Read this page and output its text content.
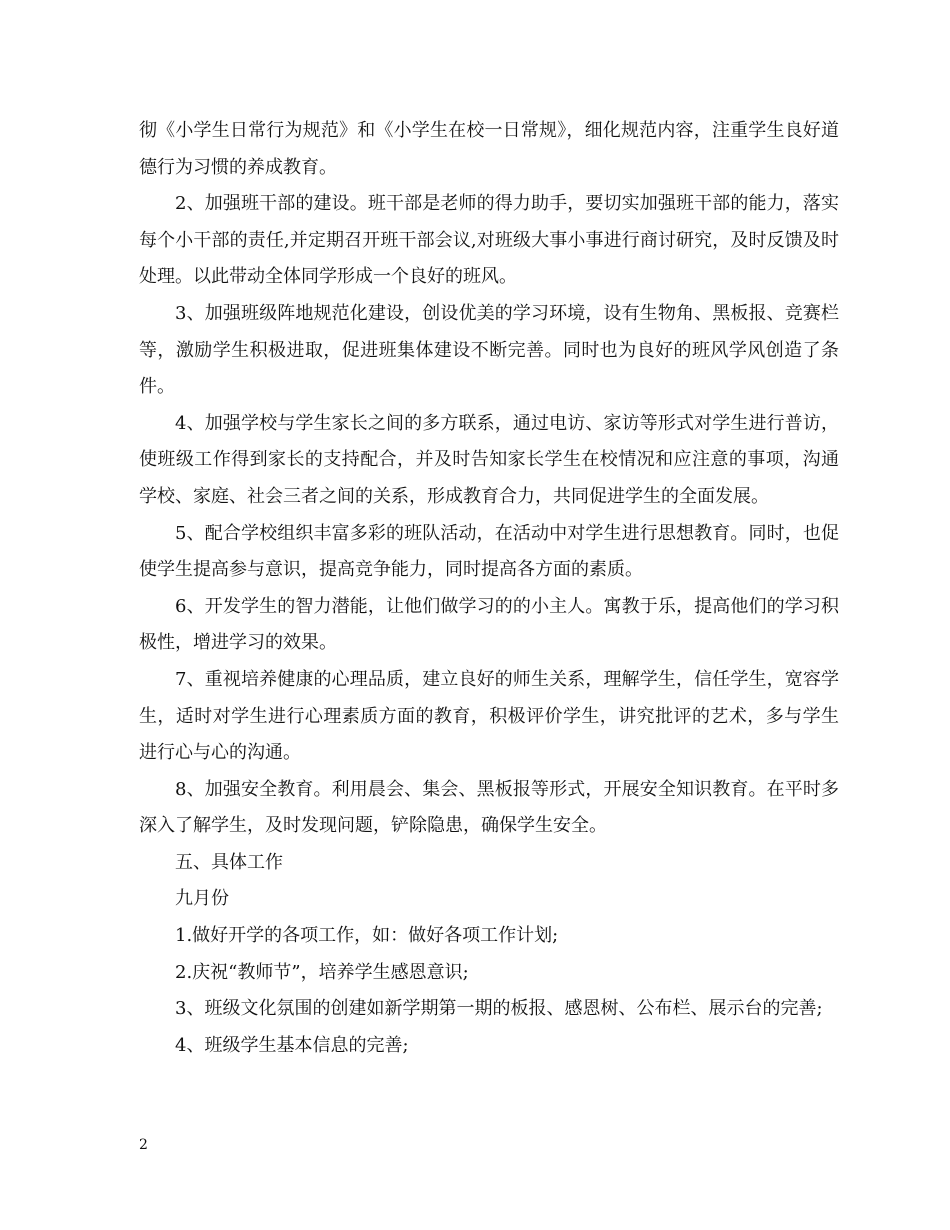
彻《小学生日常行为规范》和《小学生在校一日常规》，细化规范内容，注重学生良好道德行为习惯的养成教育。

2、加强班干部的建设。班干部是老师的得力助手，要切实加强班干部的能力，落实每个小干部的责任,并定期召开班干部会议,对班级大事小事进行商讨研究，及时反馈及时处理。以此带动全体同学形成一个良好的班风。

3、加强班级阵地规范化建设，创设优美的学习环境，设有生物角、黑板报、竞赛栏等，激励学生积极进取，促进班集体建设不断完善。同时也为良好的班风学风创造了条件。

4、加强学校与学生家长之间的多方联系，通过电访、家访等形式对学生进行普访，使班级工作得到家长的支持配合，并及时告知家长学生在校情况和应注意的事项，沟通学校、家庭、社会三者之间的关系，形成教育合力，共同促进学生的全面发展。

5、配合学校组织丰富多彩的班队活动，在活动中对学生进行思想教育。同时，也促使学生提高参与意识，提高竞争能力，同时提高各方面的素质。

6、开发学生的智力潜能，让他们做学习的的小主人。寓教于乐，提高他们的学习积极性，增进学习的效果。

7、重视培养健康的心理品质，建立良好的师生关系，理解学生，信任学生，宽容学生，适时对学生进行心理素质方面的教育，积极评价学生，讲究批评的艺术，多与学生进行心与心的沟通。

8、加强安全教育。利用晨会、集会、黑板报等形式，开展安全知识教育。在平时多深入了解学生，及时发现问题，铲除隐患，确保学生安全。

五、具体工作

九月份

1.做好开学的各项工作，如：做好各项工作计划;

2.庆祝“教师节”，培养学生感恩意识;

3、班级文化氛围的创建如新学期第一期的板报、感恩树、公布栏、展示台的完善;

4、班级学生基本信息的完善;

2
